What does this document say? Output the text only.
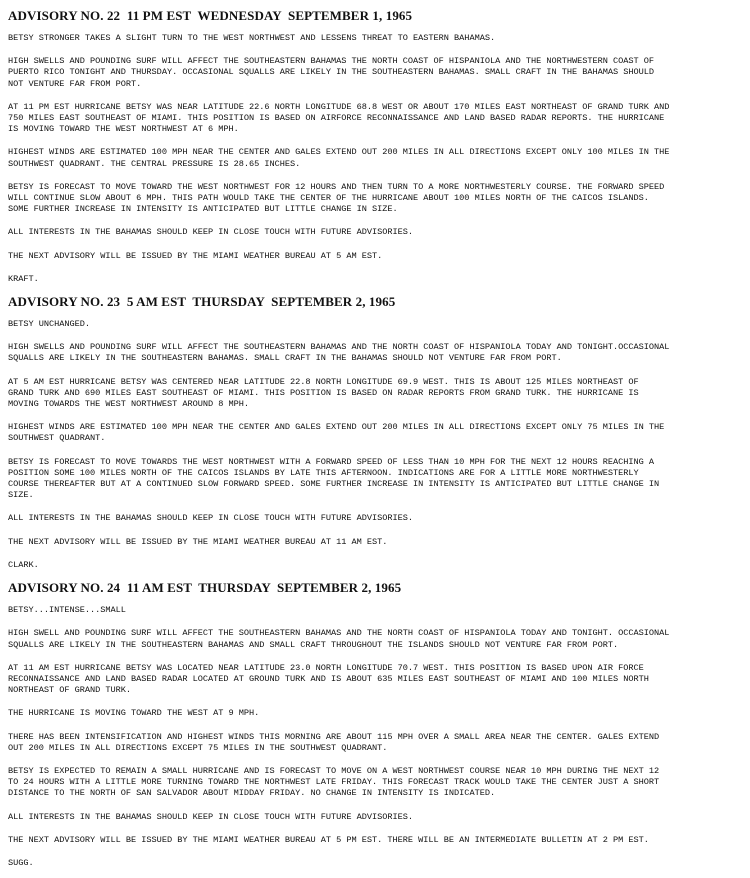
ADVISORY NO. 22  11 PM EST  WEDNESDAY  SEPTEMBER 1, 1965

BETSY STRONGER TAKES A SLIGHT TURN TO THE WEST NORTHWEST AND LESSENS THREAT TO EASTERN BAHAMAS.

HIGH SWELLS AND POUNDING SURF WILL AFFECT THE SOUTHEASTERN BAHAMAS THE NORTH COAST OF HISPANIOLA AND THE NORTHWESTERN COAST OF
PUERTO RICO TONIGHT AND THURSDAY. OCCASIONAL SQUALLS ARE LIKELY IN THE SOUTHEASTERN BAHAMAS. SMALL CRAFT IN THE BAHAMAS SHOULD
NOT VENTURE FAR FROM PORT.

AT 11 PM EST HURRICANE BETSY WAS NEAR LATITUDE 22.6 NORTH LONGITUDE 68.8 WEST OR ABOUT 170 MILES EAST NORTHEAST OF GRAND TURK AND
750 MILES EAST SOUTHEAST OF MIAMI. THIS POSITION IS BASED ON AIRFORCE RECONNAISSANCE AND LAND BASED RADAR REPORTS. THE HURRICANE
IS MOVING TOWARD THE WEST NORTHWEST AT 6 MPH.

HIGHEST WINDS ARE ESTIMATED 100 MPH NEAR THE CENTER AND GALES EXTEND OUT 200 MILES IN ALL DIRECTIONS EXCEPT ONLY 100 MILES IN THE
SOUTHWEST QUADRANT. THE CENTRAL PRESSURE IS 28.65 INCHES.

BETSY IS FORECAST TO MOVE TOWARD THE WEST NORTHWEST FOR 12 HOURS AND THEN TURN TO A MORE NORTHWESTERLY COURSE. THE FORWARD SPEED
WILL CONTINUE SLOW ABOUT 6 MPH. THIS PATH WOULD TAKE THE CENTER OF THE HURRICANE ABOUT 100 MILES NORTH OF THE CAICOS ISLANDS.
SOME FURTHER INCREASE IN INTENSITY IS ANTICIPATED BUT LITTLE CHANGE IN SIZE.

ALL INTERESTS IN THE BAHAMAS SHOULD KEEP IN CLOSE TOUCH WITH FUTURE ADVISORIES.

THE NEXT ADVISORY WILL BE ISSUED BY THE MIAMI WEATHER BUREAU AT 5 AM EST.

KRAFT.

ADVISORY NO. 23  5 AM EST  THURSDAY  SEPTEMBER 2, 1965

BETSY UNCHANGED.

HIGH SWELLS AND POUNDING SURF WILL AFFECT THE SOUTHEASTERN BAHAMAS AND THE NORTH COAST OF HISPANIOLA TODAY AND TONIGHT.OCCASIONAL
SQUALLS ARE LIKELY IN THE SOUTHEASTERN BAHAMAS. SMALL CRAFT IN THE BAHAMAS SHOULD NOT VENTURE FAR FROM PORT.

AT 5 AM EST HURRICANE BETSY WAS CENTERED NEAR LATITUDE 22.8 NORTH LONGITUDE 69.9 WEST. THIS IS ABOUT 125 MILES NORTHEAST OF
GRAND TURK AND 690 MILES EAST SOUTHEAST OF MIAMI. THIS POSITION IS BASED ON RADAR REPORTS FROM GRAND TURK. THE HURRICANE IS
MOVING TOWARDS THE WEST NORTHWEST AROUND 8 MPH.

HIGHEST WINDS ARE ESTIMATED 100 MPH NEAR THE CENTER AND GALES EXTEND OUT 200 MILES IN ALL DIRECTIONS EXCEPT ONLY 75 MILES IN THE
SOUTHWEST QUADRANT.

BETSY IS FORECAST TO MOVE TOWARDS THE WEST NORTHWEST WITH A FORWARD SPEED OF LESS THAN 10 MPH FOR THE NEXT 12 HOURS REACHING A
POSITION SOME 100 MILES NORTH OF THE CAICOS ISLANDS BY LATE THIS AFTERNOON. INDICATIONS ARE FOR A LITTLE MORE NORTHWESTERLY
COURSE THEREAFTER BUT AT A CONTINUED SLOW FORWARD SPEED. SOME FURTHER INCREASE IN INTENSITY IS ANTICIPATED BUT LITTLE CHANGE IN
SIZE.

ALL INTERESTS IN THE BAHAMAS SHOULD KEEP IN CLOSE TOUCH WITH FUTURE ADVISORIES.

THE NEXT ADVISORY WILL BE ISSUED BY THE MIAMI WEATHER BUREAU AT 11 AM EST.

CLARK.

ADVISORY NO. 24  11 AM EST  THURSDAY  SEPTEMBER 2, 1965

BETSY...INTENSE...SMALL

HIGH SWELL AND POUNDING SURF WILL AFFECT THE SOUTHEASTERN BAHAMAS AND THE NORTH COAST OF HISPANIOLA TODAY AND TONIGHT. OCCASIONAL
SQUALLS ARE LIKELY IN THE SOUTHEASTERN BAHAMAS AND SMALL CRAFT THROUGHOUT THE ISLANDS SHOULD NOT VENTURE FAR FROM PORT.

AT 11 AM EST HURRICANE BETSY WAS LOCATED NEAR LATITUDE 23.0 NORTH LONGITUDE 70.7 WEST. THIS POSITION IS BASED UPON AIR FORCE
RECONNAISSANCE AND LAND BASED RADAR LOCATED AT GROUND TURK AND IS ABOUT 635 MILES EAST SOUTHEAST OF MIAMI AND 100 MILES NORTH
NORTHEAST OF GRAND TURK.

THE HURRICANE IS MOVING TOWARD THE WEST AT 9 MPH.

THERE HAS BEEN INTENSIFICATION AND HIGHEST WINDS THIS MORNING ARE ABOUT 115 MPH OVER A SMALL AREA NEAR THE CENTER. GALES EXTEND
OUT 200 MILES IN ALL DIRECTIONS EXCEPT 75 MILES IN THE SOUTHWEST QUADRANT.

BETSY IS EXPECTED TO REMAIN A SMALL HURRICANE AND IS FORECAST TO MOVE ON A WEST NORTHWEST COURSE NEAR 10 MPH DURING THE NEXT 12
TO 24 HOURS WITH A LITTLE MORE TURNING TOWARD THE NORTHWEST LATE FRIDAY. THIS FORECAST TRACK WOULD TAKE THE CENTER JUST A SHORT
DISTANCE TO THE NORTH OF SAN SALVADOR ABOUT MIDDAY FRIDAY. NO CHANGE IN INTENSITY IS INDICATED.

ALL INTERESTS IN THE BAHAMAS SHOULD KEEP IN CLOSE TOUCH WITH FUTURE ADVISORIES.

THE NEXT ADVISORY WILL BE ISSUED BY THE MIAMI WEATHER BUREAU AT 5 PM EST. THERE WILL BE AN INTERMEDIATE BULLETIN AT 2 PM EST.

SUGG.
